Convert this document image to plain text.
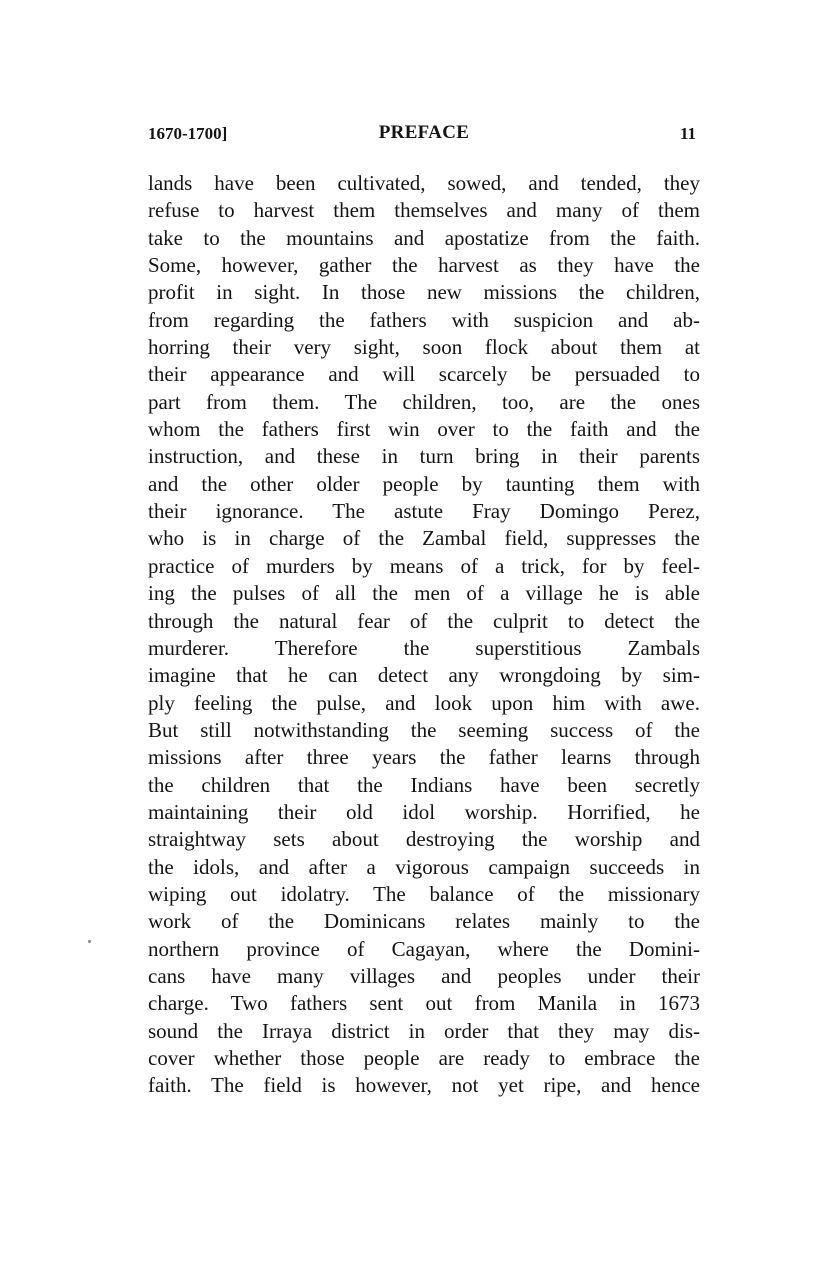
1670-1700]	PREFACE	11
lands have been cultivated, sowed, and tended, they
refuse to harvest them themselves and many of them
take to the mountains and apostatize from the faith.
Some, however, gather the harvest as they have the
profit in sight. In those new missions the children,
from regarding the fathers with suspicion and ab-
horring their very sight, soon flock about them at
their appearance and will scarcely be persuaded to
part from them. The children, too, are the ones
whom the fathers first win over to the faith and the
instruction, and these in turn bring in their parents
and the other older people by taunting them with
their ignorance. The astute Fray Domingo Perez,
who is in charge of the Zambal field, suppresses the
practice of murders by means of a trick, for by feel-
ing the pulses of all the men of a village he is able
through the natural fear of the culprit to detect the
murderer. Therefore the superstitious Zambals
imagine that he can detect any wrongdoing by sim-
ply feeling the pulse, and look upon him with awe.
But still notwithstanding the seeming success of the
missions after three years the father learns through
the children that the Indians have been secretly
maintaining their old idol worship. Horrified, he
straightway sets about destroying the worship and
the idols, and after a vigorous campaign succeeds in
wiping out idolatry. The balance of the missionary
work of the Dominicans relates mainly to the
northern province of Cagayan, where the Domini-
cans have many villages and peoples under their
charge. Two fathers sent out from Manila in 1673
sound the Irraya district in order that they may dis-
cover whether those people are ready to embrace the
faith. The field is however, not yet ripe, and hence
